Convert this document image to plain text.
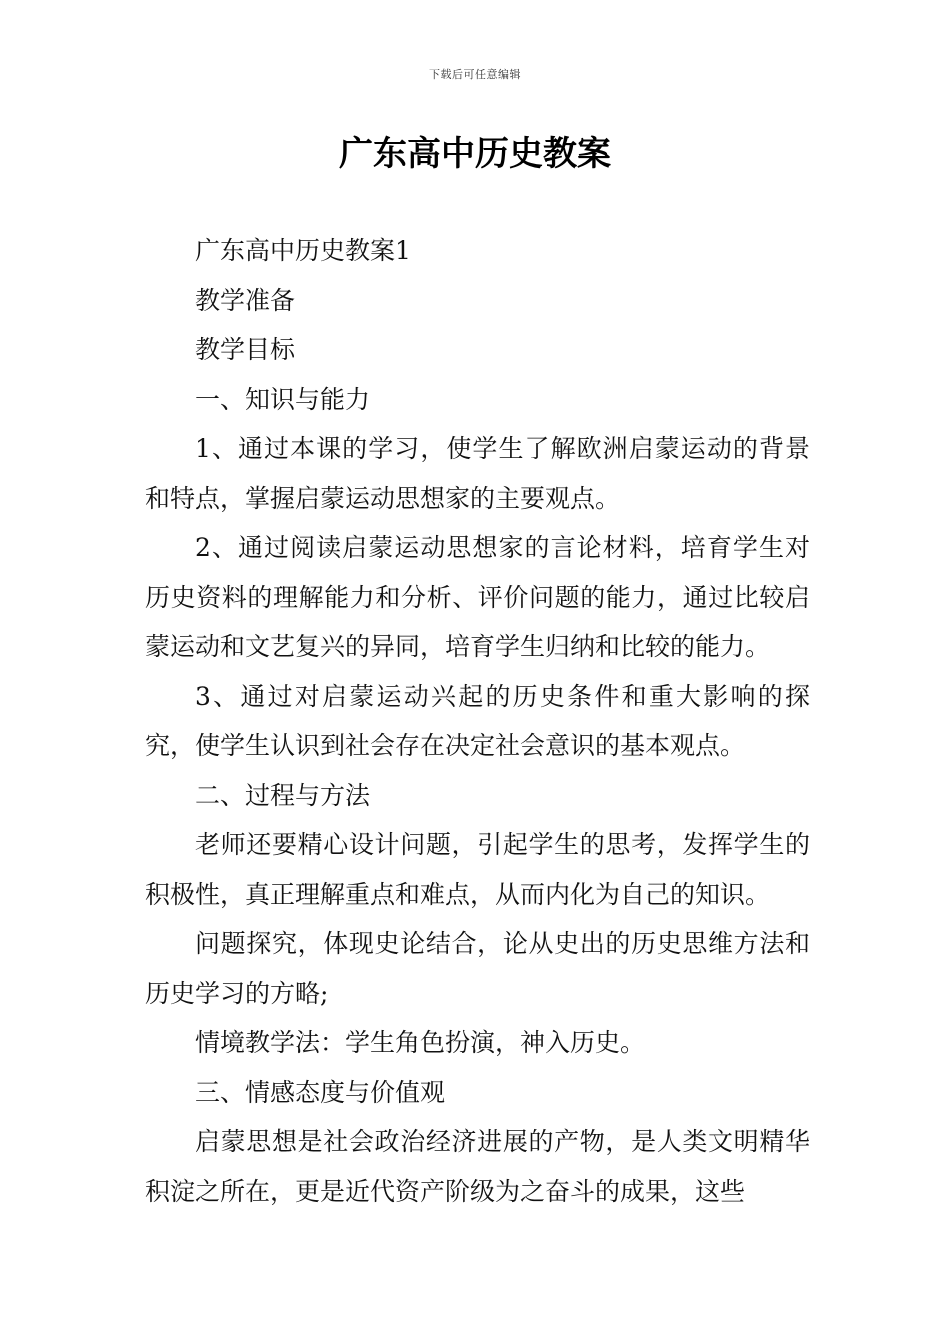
下载后可任意编辑
广东高中历史教案

广东高中历史教案1

教学准备

教学目标

一、知识与能力

1、通过本课的学习，使学生了解欧洲启蒙运动的背景和特点，掌握启蒙运动思想家的主要观点。

2、通过阅读启蒙运动思想家的言论材料，培育学生对历史资料的理解能力和分析、评价问题的能力，通过比较启蒙运动和文艺复兴的异同，培育学生归纳和比较的能力。

3、通过对启蒙运动兴起的历史条件和重大影响的探究，使学生认识到社会存在决定社会意识的基本观点。

二、过程与方法

老师还要精心设计问题，引起学生的思考，发挥学生的积极性，真正理解重点和难点，从而内化为自己的知识。

问题探究，体现史论结合，论从史出的历史思维方法和历史学习的方略;

情境教学法：学生角色扮演，神入历史。

三、情感态度与价值观

启蒙思想是社会政治经济进展的产物，是人类文明精华积淀之所在，更是近代资产阶级为之奋斗的成果，这些
